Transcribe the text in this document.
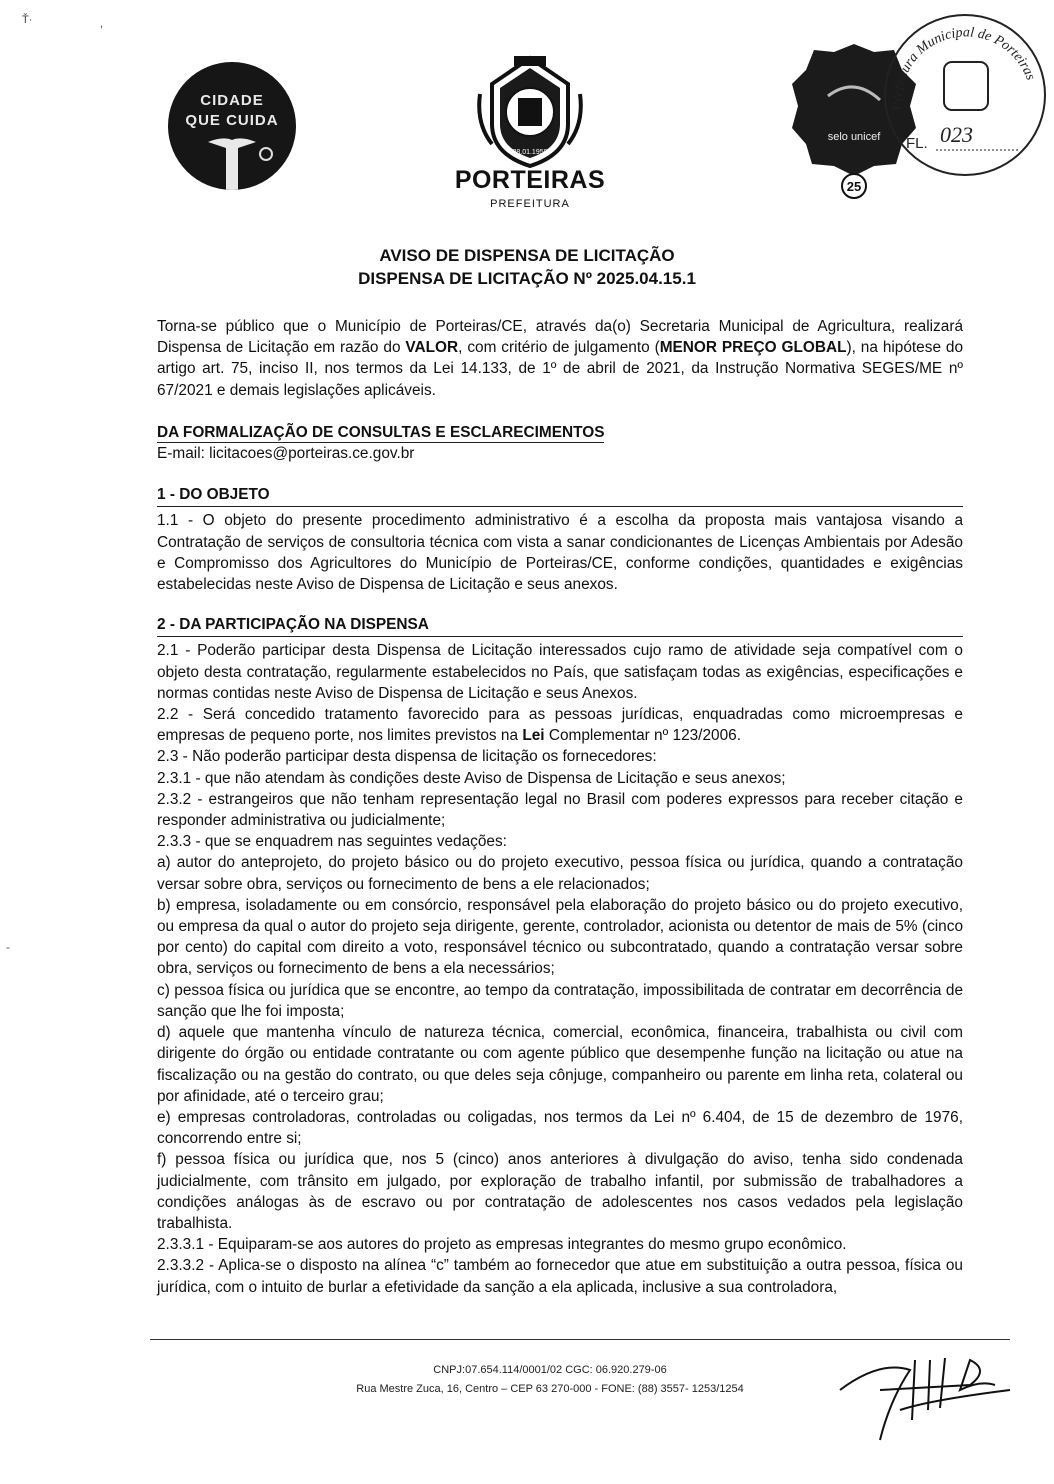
Ť·	,
-
CIDADE
QUE CUIDA
28.01.1959
PORTEIRAS
PREFEITURA
selo unicef
25
Prefeitura Municipal de Porteiras
FL. 023
AVISO DE DISPENSA DE LICITAÇÃO
DISPENSA DE LICITAÇÃO Nº 2025.04.15.1

Torna-se público que o Município de Porteiras/CE, através da(o) Secretaria Municipal de Agricultura, realizará Dispensa de Licitação em razão do VALOR, com critério de julgamento (MENOR PREÇO GLOBAL), na hipótese do artigo art. 75, inciso II, nos termos da Lei 14.133, de 1º de abril de 2021, da Instrução Normativa SEGES/ME nº 67/2021 e demais legislações aplicáveis.

DA FORMALIZAÇÃO DE CONSULTAS E ESCLARECIMENTOS

E-mail: licitacoes@porteiras.ce.gov.br

1 - DO OBJETO

1.1 - O objeto do presente procedimento administrativo é a escolha da proposta mais vantajosa visando a Contratação de serviços de consultoria técnica com vista a sanar condicionantes de Licenças Ambientais por Adesão e Compromisso dos Agricultores do Município de Porteiras/CE, conforme condições, quantidades e exigências estabelecidas neste Aviso de Dispensa de Licitação e seus anexos.

2 - DA PARTICIPAÇÃO NA DISPENSA

2.1 - Poderão participar desta Dispensa de Licitação interessados cujo ramo de atividade seja compatível com o objeto desta contratação, regularmente estabelecidos no País, que satisfaçam todas as exigências, especificações e normas contidas neste Aviso de Dispensa de Licitação e seus Anexos.

2.2 - Será concedido tratamento favorecido para as pessoas jurídicas, enquadradas como microempresas e empresas de pequeno porte, nos limites previstos na Lei Complementar nº 123/2006.

2.3 - Não poderão participar desta dispensa de licitação os fornecedores:

2.3.1 - que não atendam às condições deste Aviso de Dispensa de Licitação e seus anexos;

2.3.2 - estrangeiros que não tenham representação legal no Brasil com poderes expressos para receber citação e responder administrativa ou judicialmente;

2.3.3 - que se enquadrem nas seguintes vedações:

a) autor do anteprojeto, do projeto básico ou do projeto executivo, pessoa física ou jurídica, quando a contratação versar sobre obra, serviços ou fornecimento de bens a ele relacionados;

b) empresa, isoladamente ou em consórcio, responsável pela elaboração do projeto básico ou do projeto executivo, ou empresa da qual o autor do projeto seja dirigente, gerente, controlador, acionista ou detentor de mais de 5% (cinco por cento) do capital com direito a voto, responsável técnico ou subcontratado, quando a contratação versar sobre obra, serviços ou fornecimento de bens a ela necessários;

c) pessoa física ou jurídica que se encontre, ao tempo da contratação, impossibilitada de contratar em decorrência de sanção que lhe foi imposta;

d) aquele que mantenha vínculo de natureza técnica, comercial, econômica, financeira, trabalhista ou civil com dirigente do órgão ou entidade contratante ou com agente público que desempenhe função na licitação ou atue na fiscalização ou na gestão do contrato, ou que deles seja cônjuge, companheiro ou parente em linha reta, colateral ou por afinidade, até o terceiro grau;

e) empresas controladoras, controladas ou coligadas, nos termos da Lei nº 6.404, de 15 de dezembro de 1976, concorrendo entre si;

f) pessoa física ou jurídica que, nos 5 (cinco) anos anteriores à divulgação do aviso, tenha sido condenada judicialmente, com trânsito em julgado, por exploração de trabalho infantil, por submissão de trabalhadores a condições análogas às de escravo ou por contratação de adolescentes nos casos vedados pela legislação trabalhista.

2.3.3.1 - Equiparam-se aos autores do projeto as empresas integrantes do mesmo grupo econômico.

2.3.3.2 - Aplica-se o disposto na alínea “c” também ao fornecedor que atue em substituição a outra pessoa, física ou jurídica, com o intuito de burlar a efetividade da sanção a ela aplicada, inclusive a sua controladora,

CNPJ:07.654.114/0001/02 CGC: 06.920.279-06
Rua Mestre Zuca, 16, Centro – CEP 63 270-000 - FONE: (88) 3557- 1253/1254
